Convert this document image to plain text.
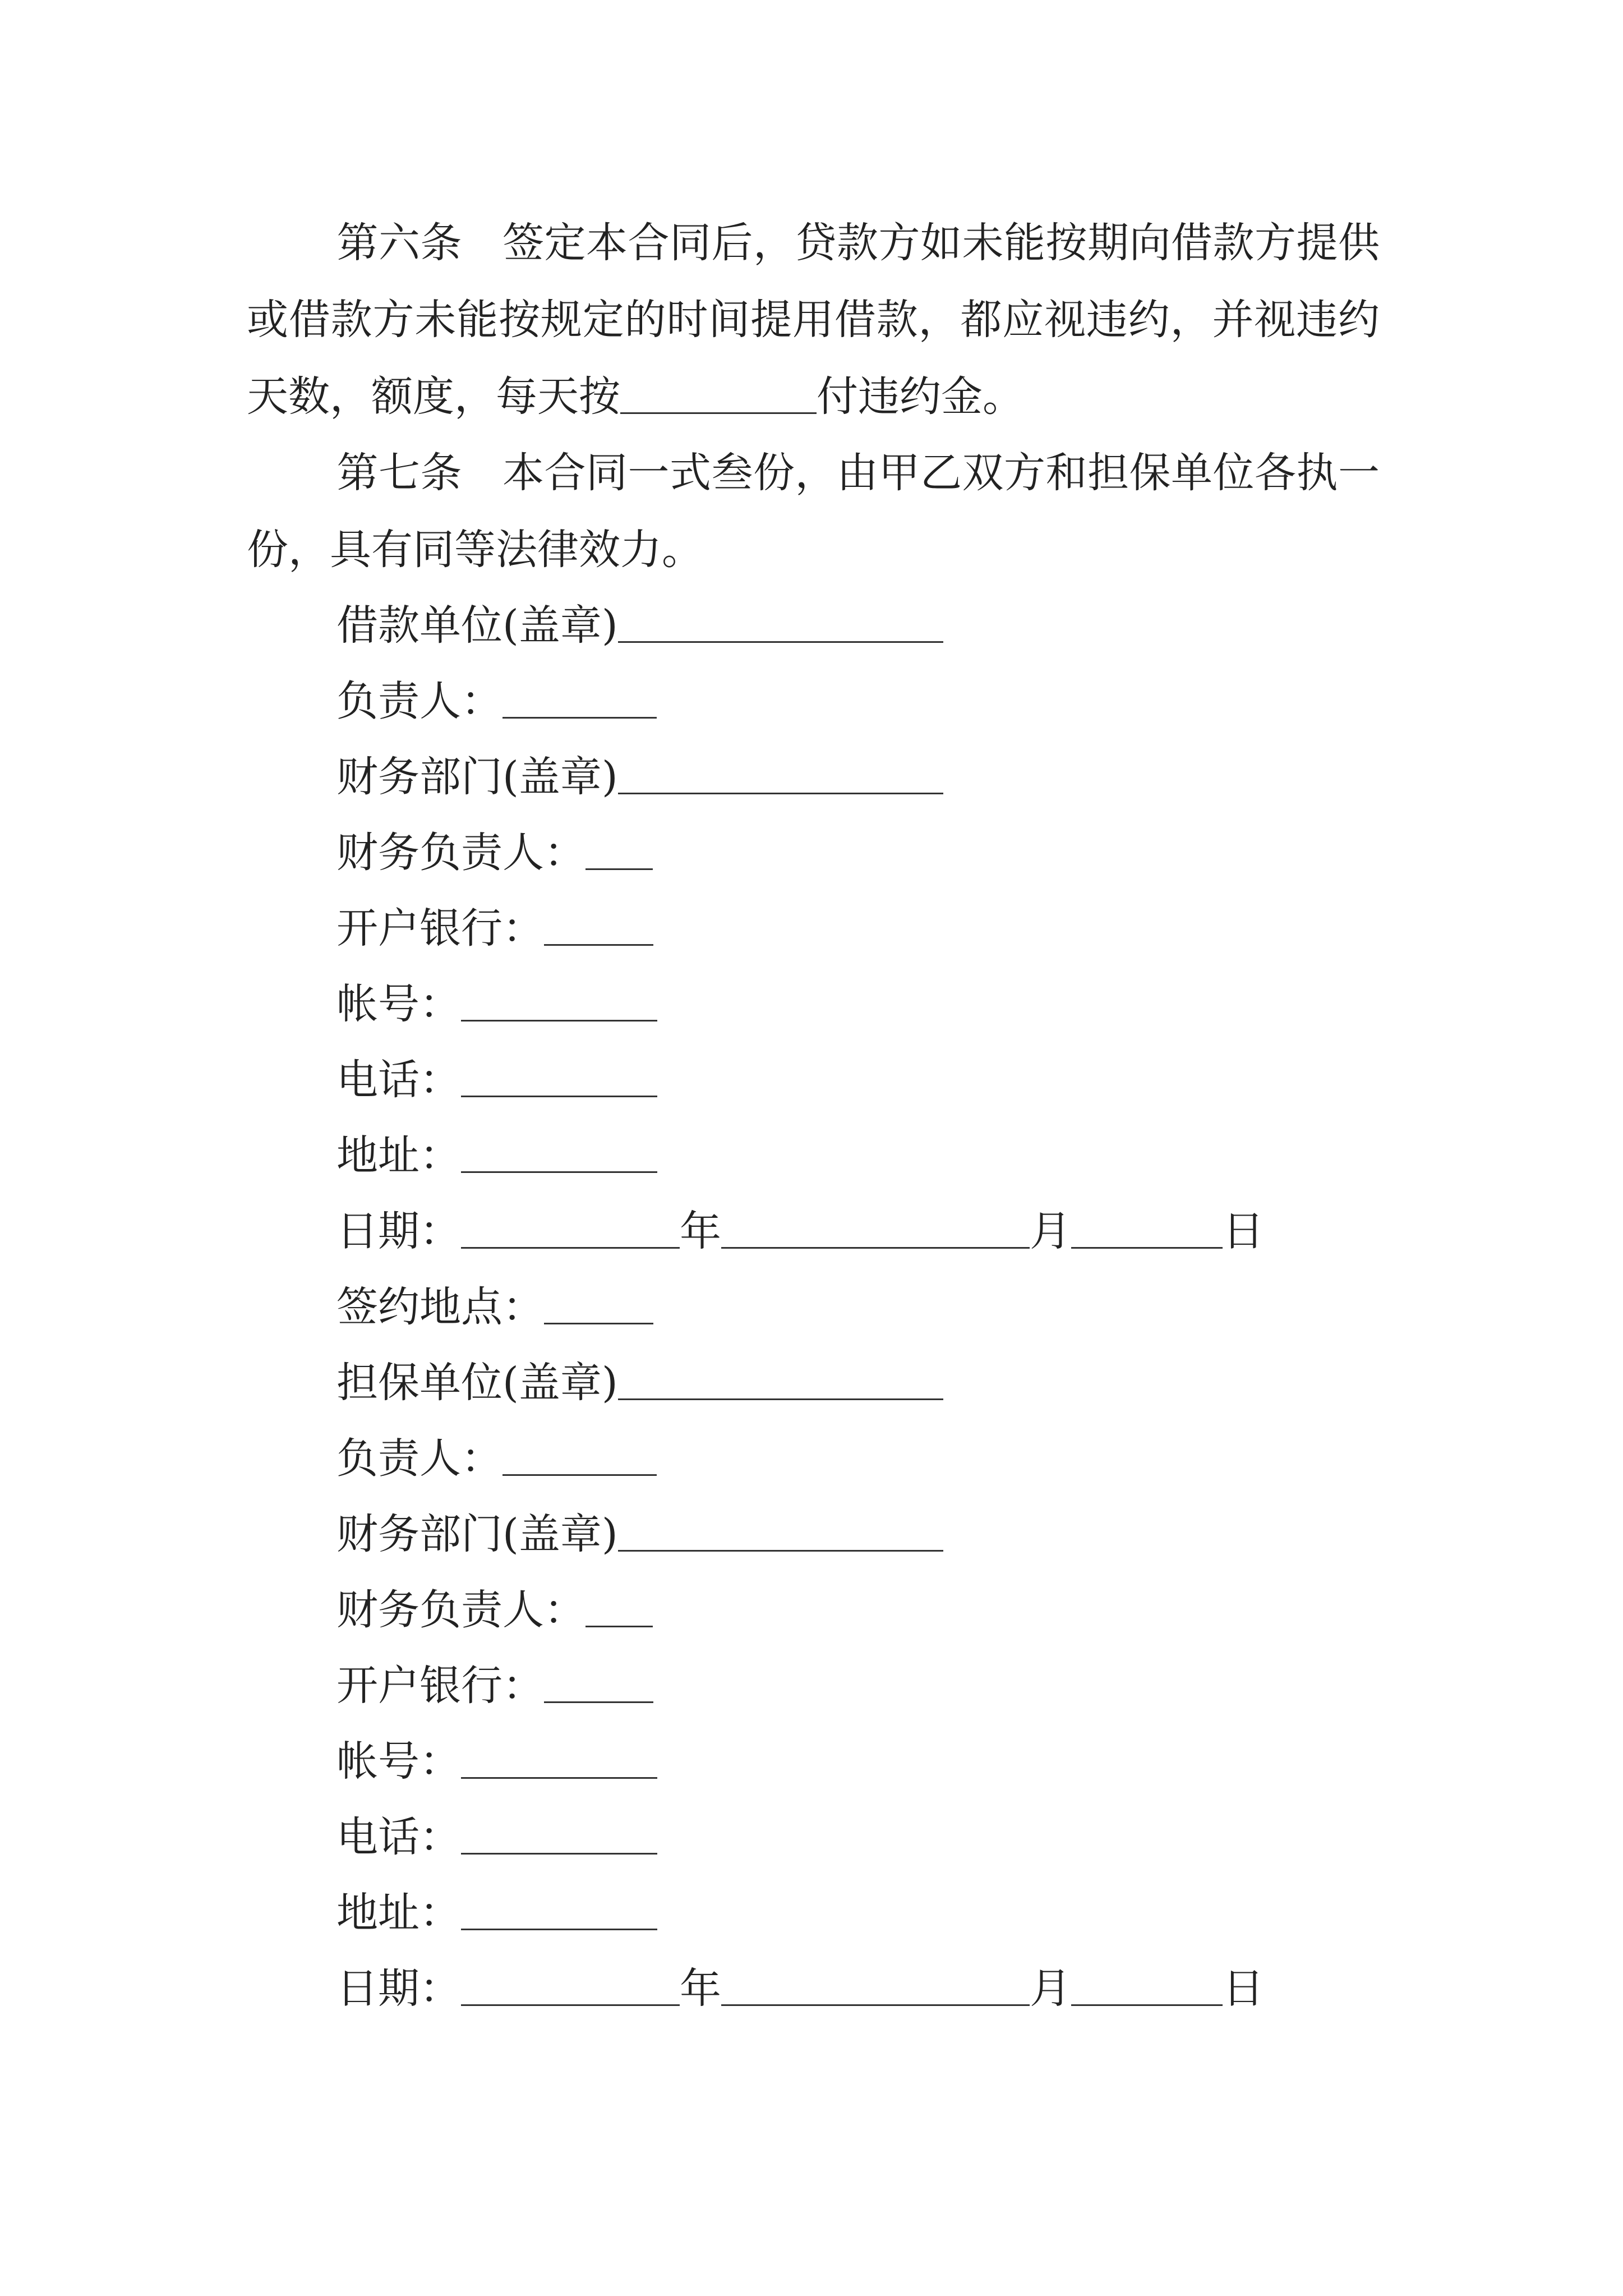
第六条 签定本合同后，贷款方如未能按期向借款方提供或借款方未能按规定的时间提用借款，都应视违约，并视违约天数，额度，每天按	付违约金。

第七条 本合同一式叁份，由甲乙双方和担保单位各执一份，具有同等法律效力。

借款单位(盖章)
负责人：
财务部门(盖章)
财务负责人：
开户银行：
帐号：
电话：
地址：
日期：	年	月	日
签约地点：
担保单位(盖章)
负责人：
财务部门(盖章)
财务负责人：
开户银行：
帐号：
电话：
地址：
日期：	年	月	日
